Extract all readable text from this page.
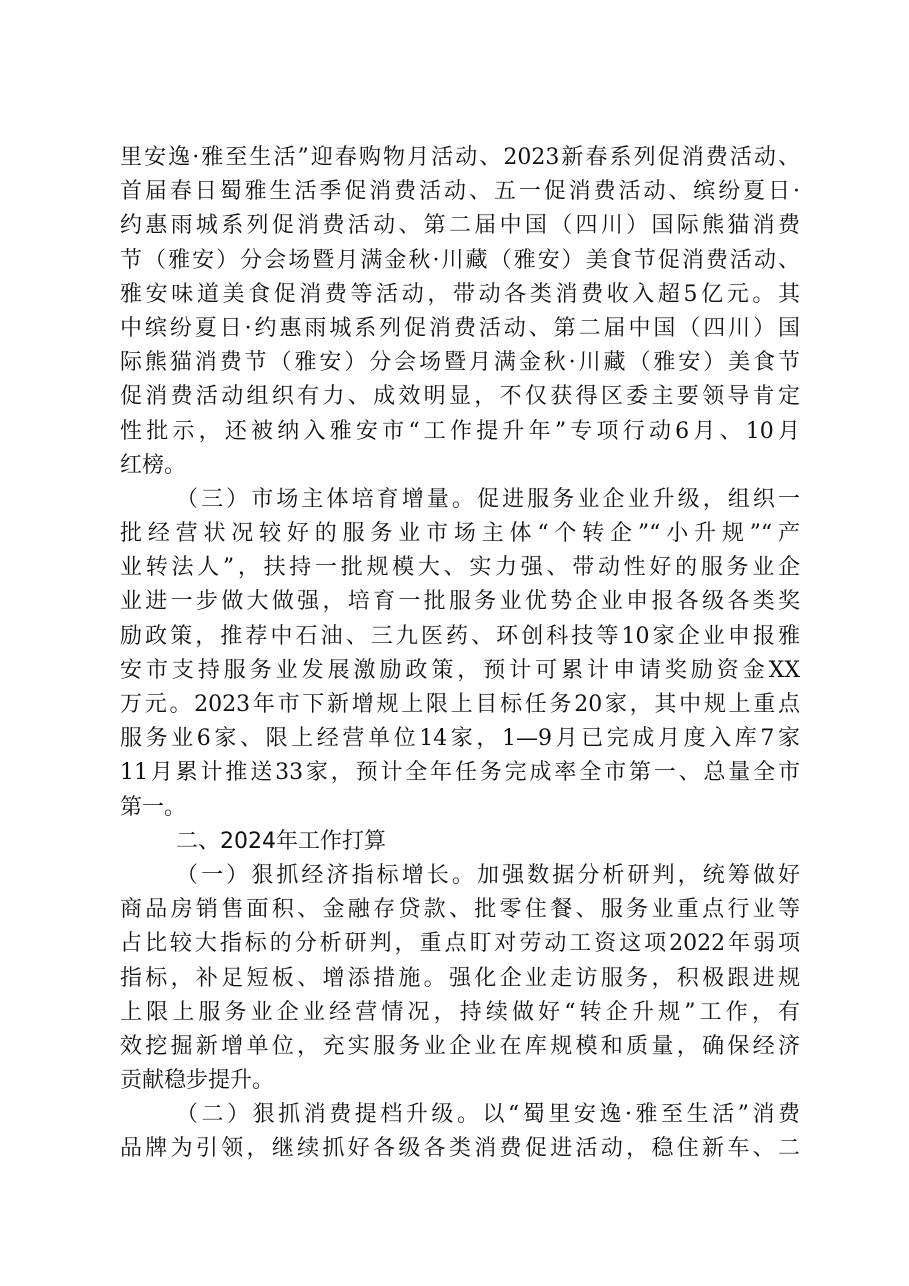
里安逸·雅至生活”迎春购物月活动、2023新春系列促消费活动、
首届春日蜀雅生活季促消费活动、五一促消费活动、缤纷夏日·
约惠雨城系列促消费活动、第二届中国（四川）国际熊猫消费
节（雅安）分会场暨月满金秋·川藏（雅安）美食节促消费活动、
雅安味道美食促消费等活动，带动各类消费收入超5亿元。其
中缤纷夏日·约惠雨城系列促消费活动、第二届中国（四川）国
际熊猫消费节（雅安）分会场暨月满金秋·川藏（雅安）美食节
促消费活动组织有力、成效明显，不仅获得区委主要领导肯定
性批示，还被纳入雅安市“工作提升年”专项行动6月、10月
红榜。
（三）市场主体培育增量。促进服务业企业升级，组织一
批经营状况较好的服务业市场主体“个转企”“小升规”“产
业转法人”，扶持一批规模大、实力强、带动性好的服务业企
业进一步做大做强，培育一批服务业优势企业申报各级各类奖
励政策，推荐中石油、三九医药、环创科技等10家企业申报雅
安市支持服务业发展激励政策，预计可累计申请奖励资金XX
万元。2023年市下新增规上限上目标任务20家，其中规上重点
服务业6家、限上经营单位14家，1—9月已完成月度入库7家
11月累计推送33家，预计全年任务完成率全市第一、总量全市
第一。
二、2024年工作打算
（一）狠抓经济指标增长。加强数据分析研判，统筹做好
商品房销售面积、金融存贷款、批零住餐、服务业重点行业等
占比较大指标的分析研判，重点盯对劳动工资这项2022年弱项
指标，补足短板、增添措施。强化企业走访服务，积极跟进规
上限上服务业企业经营情况，持续做好“转企升规”工作，有
效挖掘新增单位，充实服务业企业在库规模和质量，确保经济
贡献稳步提升。
（二）狠抓消费提档升级。以“蜀里安逸·雅至生活”消费
品牌为引领，继续抓好各级各类消费促进活动，稳住新车、二
